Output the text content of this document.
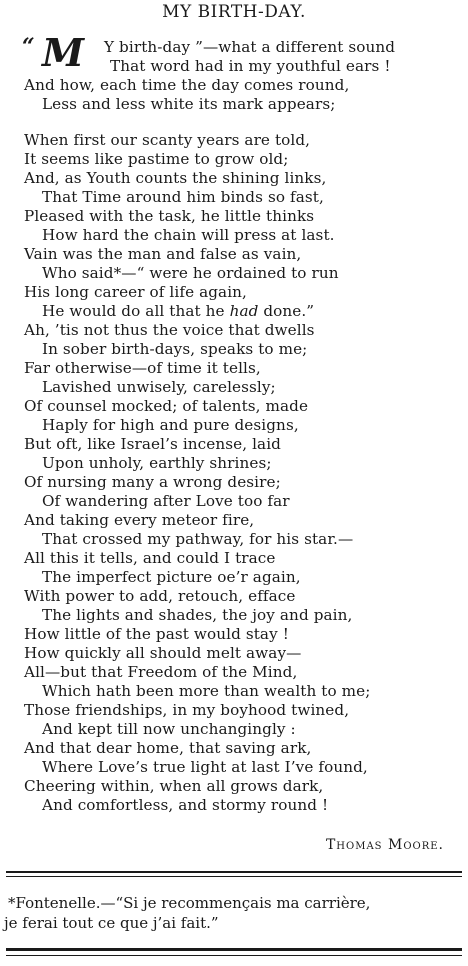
MY BIRTH-DAY.
“ M Y birth-day ”—what a different sound
That word had in my youthful ears !
And how, each time the day comes round,
Less and less white its mark appears;
When first our scanty years are told,
It seems like pastime to grow old;
And, as Youth counts the shining links,
That Time around him binds so fast,
Pleased with the task, he little thinks
How hard the chain will press at last.
Vain was the man and false as vain,
Who said*—“ were he ordained to run
His long career of life again,
He would do all that he had done.”
Ah, ’tis not thus the voice that dwells
In sober birth-days, speaks to me;
Far otherwise—of time it tells,
Lavished unwisely, carelessly;
Of counsel mocked; of talents, made
Haply for high and pure designs,
But oft, like Israel’s incense, laid
Upon unholy, earthly shrines;
Of nursing many a wrong desire;
Of wandering after Love too far
And taking every meteor fire,
That crossed my pathway, for his star.—
All this it tells, and could I trace
The imperfect picture oe’r again,
With power to add, retouch, efface
The lights and shades, the joy and pain,
How little of the past would stay !
How quickly all should melt away—
All—but that Freedom of the Mind,
Which hath been more than wealth to me;
Those friendships, in my boyhood twined,
And kept till now unchangingly :
And that dear home, that saving ark,
Where Love’s true light at last I’ve found,
Cheering within, when all grows dark,
And comfortless, and stormy round !
Thomas Moore.
*Fontenelle.—“Si je recommençais ma carrière,
je ferai tout ce que j’ai fait.”
